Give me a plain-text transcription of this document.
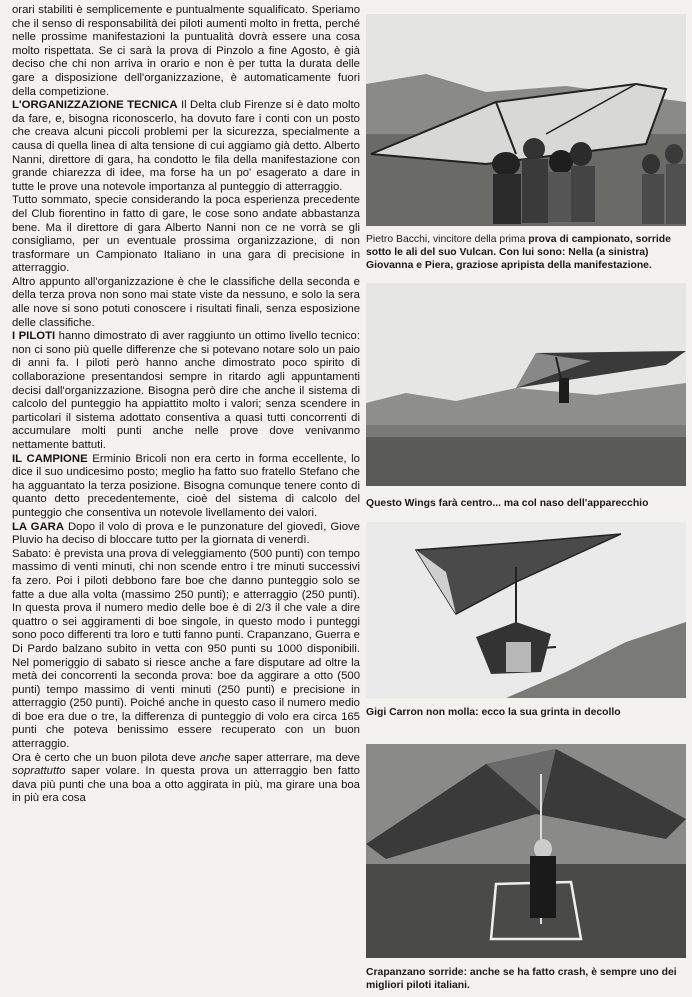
orari stabiliti è semplicemente e puntualmente squalificato. Speriamo che il senso di responsabilità dei piloti aumenti molto in fretta, perché nelle prossime manifestazioni la puntualità dovrà essere una cosa molto rispettata. Se ci sarà la prova di Pinzolo a fine Agosto, è già deciso che chi non arriva in orario e non è per tutta la durata delle gare a disposizione dell'organizzazione, è automaticamente fuori della competizione.

L'ORGANIZZAZIONE TECNICA Il Delta club Firenze si è dato molto da fare, e, bisogna riconoscerlo, ha dovuto fare i conti con un posto che creava alcuni piccoli problemi per la sicurezza, specialmente a causa di quella linea di alta tensione di cui aggiamo già detto. Alberto Nanni, direttore di gara, ha condotto le fila della manifestazione con grande chiarezza di idee, ma forse ha un po' esagerato a dare in tutte le prove una notevole importanza al punteggio di atterraggio.

Tutto sommato, specie considerando la poca esperienza precedente del Club fiorentino in fatto di gare, le cose sono andate abbastanza bene. Ma il direttore di gara Alberto Nanni non ce ne vorrà se gli consigliamo, per un eventuale prossima organizzazione, di non trasformare un Campionato Italiano in una gara di precisione in atterraggio.

Altro appunto all'organizzazione è che le classifiche della seconda e della terza prova non sono mai state viste da nessuno, e solo la sera alle nove si sono potuti conoscere i risultati finali, senza esposizione delle classifiche.

I PILOTI hanno dimostrato di aver raggiunto un ottimo livello tecnico: non ci sono più quelle differenze che si potevano notare solo un paio di anni fa. I piloti però hanno anche dimostrato poco spirito di collaborazione presentandosi sempre in ritardo agli appuntamenti decisi dall'organizzazione. Bisogna però dire che anche il sistema di calcolo del punteggio ha appiattito molto i valori; senza scendere in particolari il sistema adottato consentiva a quasi tutti concorrenti di accumulare molti punti anche nelle prove dove venivanmo nettamente battuti.

IL CAMPIONE Erminio Bricoli non era certo in forma eccellente, lo dice il suo undicesimo posto; meglio ha fatto suo fratello Stefano che ha agguantato la terza posizione. Bisogna comunque tenere conto di quanto detto precedentemente, cioè del sistema di calcolo del punteggio che consentiva un notevole livellamento dei valori.

LA GARA Dopo il volo di prova e le punzonature del giovedì, Giove Pluvio ha deciso di bloccare tutto per la giornata di venerdì.

Sabato: è prevista una prova di veleggiamento (500 punti) con tempo massimo di venti minuti, chi non scende entro i tre minuti successivi fa zero. Poi i piloti debbono fare boe che danno punteggio solo se fatte a due alla volta (massimo 250 punti); e atterraggio (250 punti). In questa prova il numero medio delle boe è di 2/3 il che vale a dire quattro o sei aggiramenti di boe singole, in questo modo i punteggi sono poco differenti tra loro e tutti fanno punti. Crapanzano, Guerra e Di Pardo balzano subito in vetta con 950 punti su 1000 disponibili. Nel pomeriggio di sabato si riesce anche a fare disputare ad oltre la metà dei concorrenti la seconda prova: boe da aggirare a otto (500 punti) tempo massimo di venti minuti (250 punti) e precisione in atterraggio (250 punti). Poiché anche in questo caso il numero medio di boe era due o tre, la differenza di punteggio di volo era circa 165 punti che poteva benissimo essere recuperato con un buon atterraggio.

Ora è certo che un buon pilota deve anche saper atterrare, ma deve soprattutto saper volare. In questa prova un atterraggio ben fatto dava più punti che una boa a otto aggirata in più, ma girare una boa in più era cosa

Pietro Bacchi, vincitore della prima prova di campionato, sorride sotto le ali del suo Vulcan. Con lui sono: Nella (a sinistra) Giovanna e Piera, graziose apripista della manifestazione.
Questo Wings farà centro... ma col naso dell'apparecchio
Gigi Carron non molla: ecco la sua grinta in decollo
Crapanzano sorride: anche se ha fatto crash, è sempre uno dei migliori piloti italiani.
